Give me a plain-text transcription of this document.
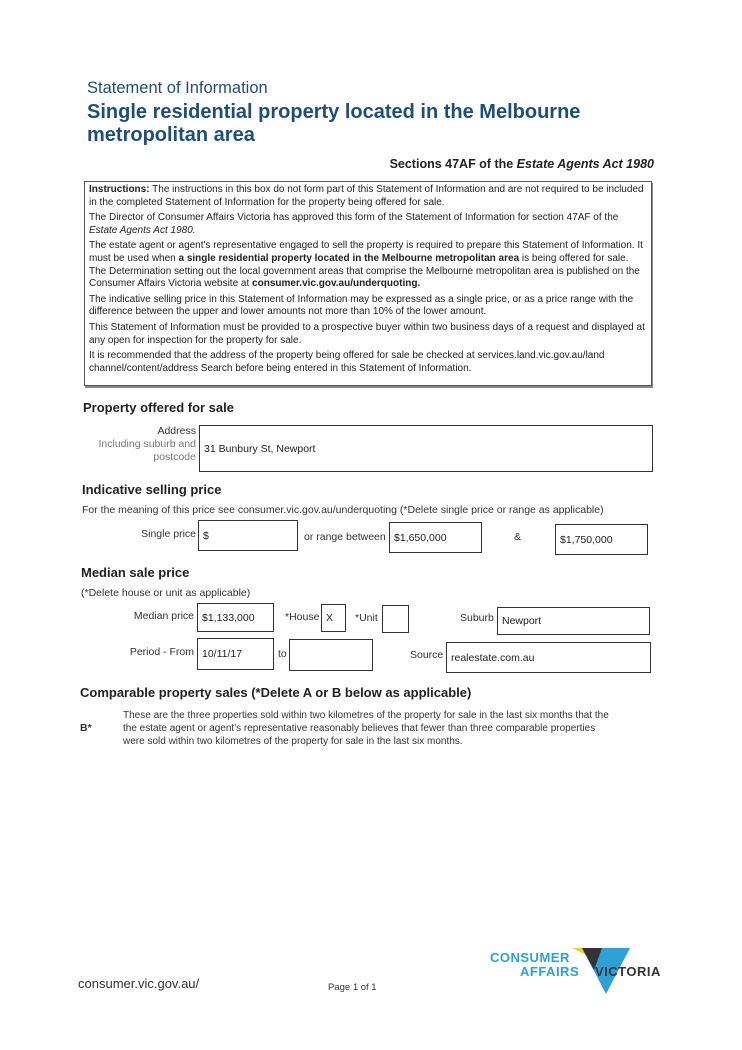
Statement of Information
Single residential property located in the Melbourne metropolitan area
Sections 47AF of the Estate Agents Act 1980

Instructions: The instructions in this box do not form part of this Statement of Information and are not required to be included in the completed Statement of Information for the property being offered for sale.

The Director of Consumer Affairs Victoria has approved this form of the Statement of Information for section 47AF of the Estate Agents Act 1980.

The estate agent or agent's representative engaged to sell the property is required to prepare this Statement of Information. It must be used when a single residential property located in the Melbourne metropolitan area is being offered for sale. The Determination setting out the local government areas that comprise the Melbourne metropolitan area is published on the Consumer Affairs Victoria website at consumer.vic.gov.au/underquoting.

The indicative selling price in this Statement of Information may be expressed as a single price, or as a price range with the difference between the upper and lower amounts not more than 10% of the lower amount.

This Statement of Information must be provided to a prospective buyer within two business days of a request and displayed at any open for inspection for the property for sale.

It is recommended that the address of the property being offered for sale be checked at services.land.vic.gov.au/land channel/content/address Search before being entered in this Statement of Information.

Property offered for sale
Address
Including suburb and
postcode
31 Bunbury St, Newport
Indicative selling price
For the meaning of this price see consumer.vic.gov.au/underquoting (*Delete single price or range as applicable)
Single price $	or range between $1,650,000	&	$1,750,000
Median sale price
(*Delete house or unit as applicable)
Median price $1,133,000	*House X	*Unit	Suburb Newport
Period - From 10/11/17	to	Source realestate.com.au
Comparable property sales (*Delete A or B below as applicable)
B*
These are the three properties sold within two kilometres of the property for sale in the last six months that the
the estate agent or agent's representative reasonably believes that fewer than three comparable properties
were sold within two kilometres of the property for sale in the last six months.
CONSUMER
AFFAIRS VICTORIA
consumer.vic.gov.au/	Page 1 of 1
